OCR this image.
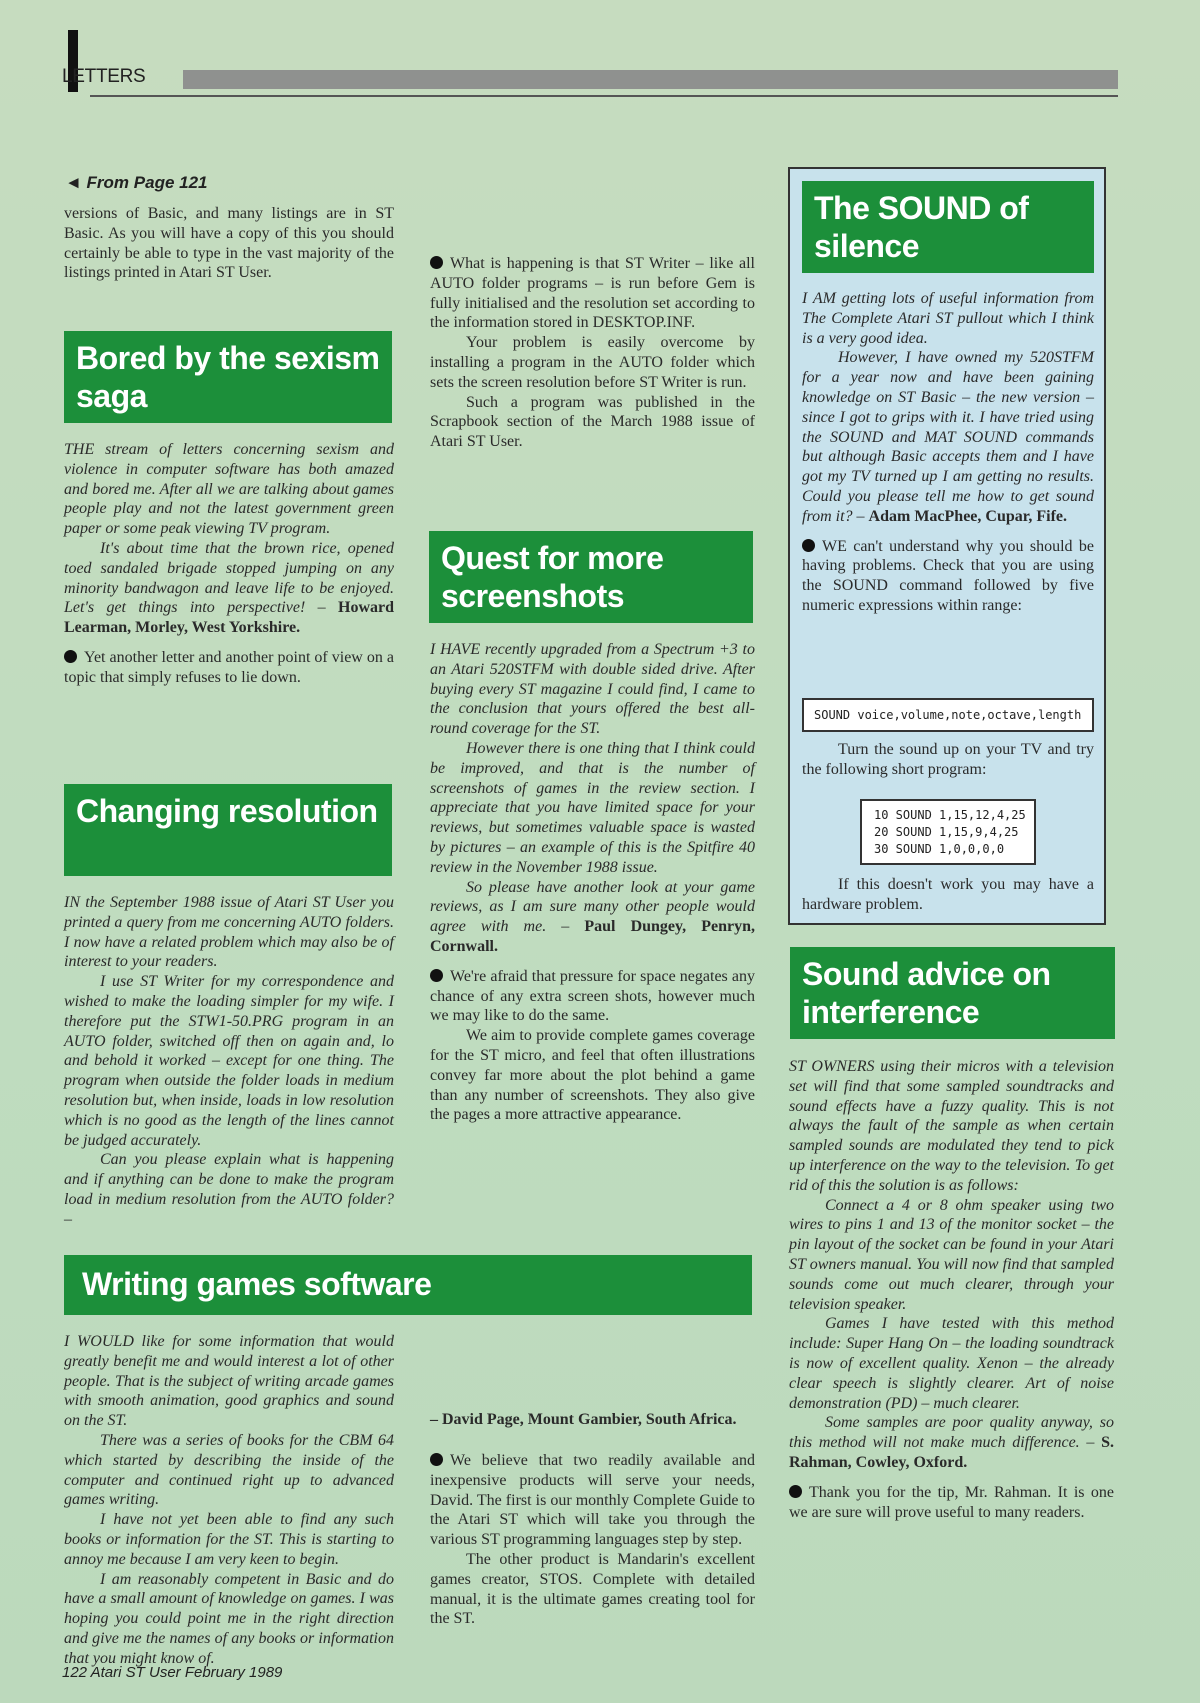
LETTERS
◄ From Page 121

versions of Basic, and many listings are in ST Basic. As you will have a copy of this you should certainly be able to type in the vast majority of the listings printed in Atari ST User.

Bored by the sexism saga

THE stream of letters concerning sexism and violence in computer software has both amazed and bored me. After all we are talking about games people play and not the latest government green paper or some peak viewing TV program.

It's about time that the brown rice, opened toed sandaled brigade stopped jumping on any minority bandwagon and leave life to be enjoyed. Let's get things into perspective! – Howard Learman, Morley, West Yorkshire.

Yet another letter and another point of view on a topic that simply refuses to lie down.

Changing resolution

IN the September 1988 issue of Atari ST User you printed a query from me concerning AUTO folders. I now have a related problem which may also be of interest to your readers.

I use ST Writer for my correspondence and wished to make the loading simpler for my wife. I therefore put the STW1-50.PRG program in an AUTO folder, switched off then on again and, lo and behold it worked – except for one thing. The program when outside the folder loads in medium resolution but, when inside, loads in low resolution which is no good as the length of the lines cannot be judged accurately.

Can you please explain what is happening and if anything can be done to make the program load in medium resolution from the AUTO folder? –

What is happening is that ST Writer – like all AUTO folder programs – is run before Gem is fully initialised and the resolution set according to the information stored in DESKTOP.INF.

Your problem is easily overcome by installing a program in the AUTO folder which sets the screen resolution before ST Writer is run.

Such a program was published in the Scrapbook section of the March 1988 issue of Atari ST User.

Quest for more screenshots

I HAVE recently upgraded from a Spectrum +3 to an Atari 520STFM with double sided drive. After buying every ST magazine I could find, I came to the conclusion that yours offered the best all-round coverage for the ST.

However there is one thing that I think could be improved, and that is the number of screenshots of games in the review section. I appreciate that you have limited space for your reviews, but sometimes valuable space is wasted by pictures – an example of this is the Spitfire 40 review in the November 1988 issue.

So please have another look at your game reviews, as I am sure many other people would agree with me. – Paul Dungey, Penryn, Cornwall.

We're afraid that pressure for space negates any chance of any extra screen shots, however much we may like to do the same.

We aim to provide complete games coverage for the ST micro, and feel that often illustrations convey far more about the plot behind a game than any number of screenshots. They also give the pages a more attractive appearance.

The SOUND of silence

I AM getting lots of useful information from The Complete Atari ST pullout which I think is a very good idea.

However, I have owned my 520STFM for a year now and have been gaining knowledge on ST Basic – the new version – since I got to grips with it. I have tried using the SOUND and MAT SOUND commands but although Basic accepts them and I have got my TV turned up I am getting no results. Could you please tell me how to get sound from it? – Adam MacPhee, Cupar, Fife.

WE can't understand why you should be having problems. Check that you are using the SOUND command followed by five numeric expressions within range:

SOUND voice,volume,note,octave,length

Turn the sound up on your TV and try the following short program:

10 SOUND 1,15,12,4,25
20 SOUND 1,15,9,4,25
30 SOUND 1,0,0,0,0

If this doesn't work you may have a hardware problem.

Sound advice on interference

ST OWNERS using their micros with a television set will find that some sampled soundtracks and sound effects have a fuzzy quality. This is not always the fault of the sample as when certain sampled sounds are modulated they tend to pick up interference on the way to the television. To get rid of this the solution is as follows:

Connect a 4 or 8 ohm speaker using two wires to pins 1 and 13 of the monitor socket – the pin layout of the socket can be found in your Atari ST owners manual. You will now find that sampled sounds come out much clearer, through your television speaker.

Games I have tested with this method include: Super Hang On – the loading soundtrack is now of excellent quality. Xenon – the already clear speech is slightly clearer. Art of noise demonstration (PD) – much clearer.

Some samples are poor quality anyway, so this method will not make much difference. – S. Rahman, Cowley, Oxford.

Thank you for the tip, Mr. Rahman. It is one we are sure will prove useful to many readers.

Writing games software

I WOULD like for some information that would greatly benefit me and would interest a lot of other people. That is the subject of writing arcade games with smooth animation, good graphics and sound on the ST.

There was a series of books for the CBM 64 which started by describing the inside of the computer and continued right up to advanced games writing.

I have not yet been able to find any such books or information for the ST. This is starting to annoy me because I am very keen to begin.

I am reasonably competent in Basic and do have a small amount of knowledge on games. I was hoping you could point me in the right direction and give me the names of any books or information that you might know of.

– David Page, Mount Gambier, South Africa.

We believe that two readily available and inexpensive products will serve your needs, David. The first is our monthly Complete Guide to the Atari ST which will take you through the various ST programming languages step by step.

The other product is Mandarin's excellent games creator, STOS. Complete with detailed manual, it is the ultimate games creating tool for the ST.

122 Atari ST User February 1989
